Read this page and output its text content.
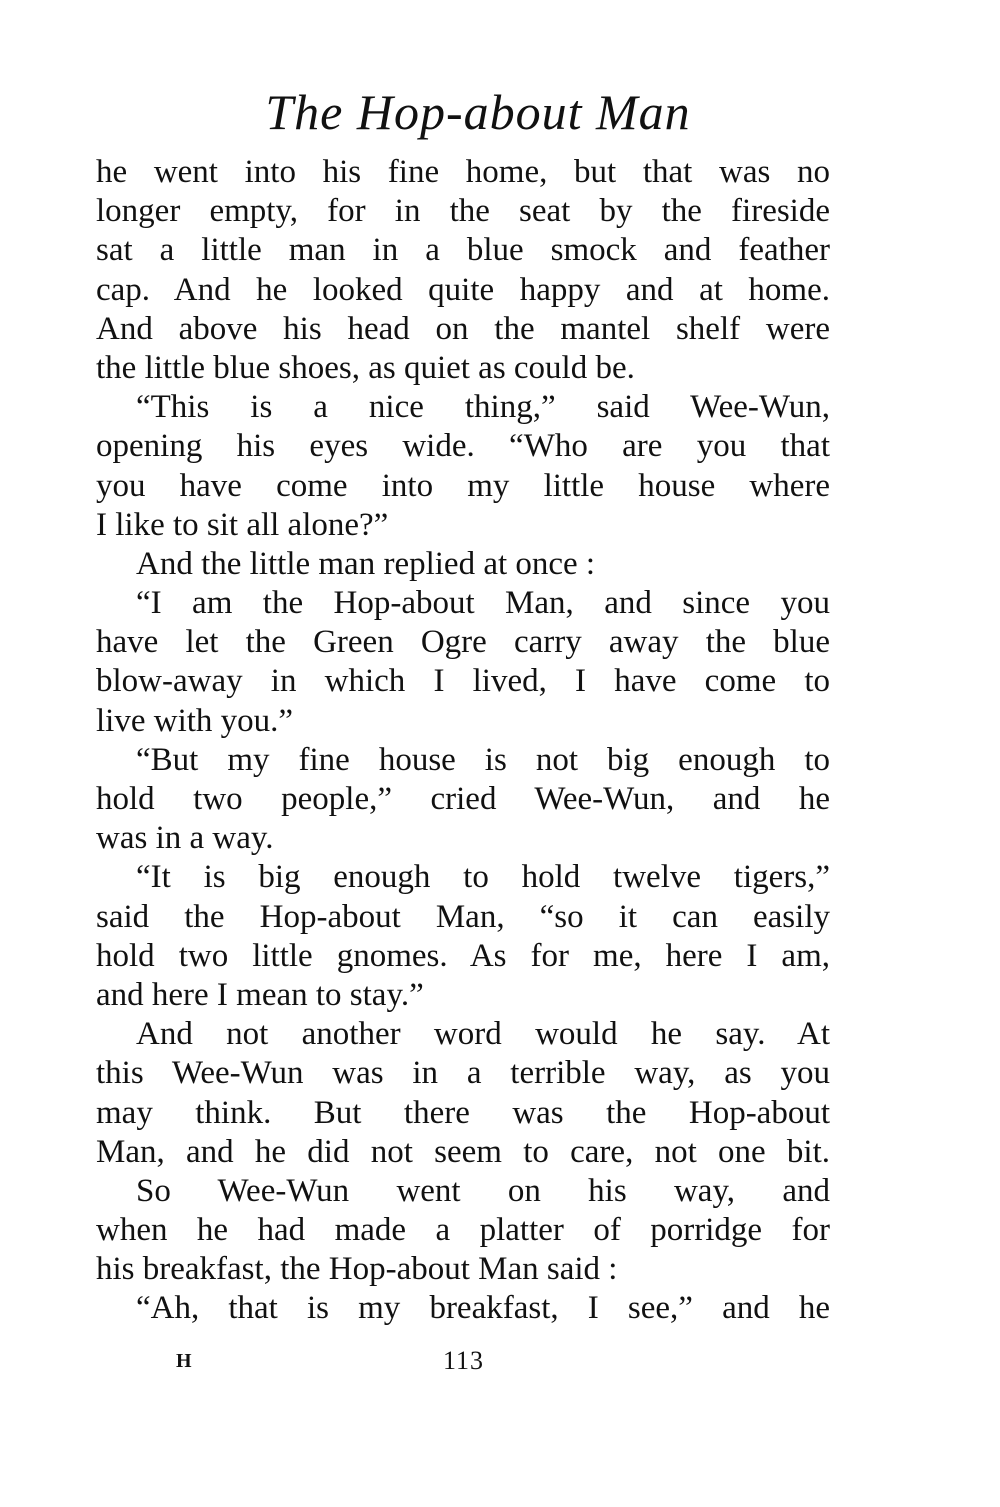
The Hop-about Man
he went into his fine home, but that was no
longer empty, for in the seat by the fireside
sat a little man in a blue smock and feather
cap. And he looked quite happy and at home.
And above his head on the mantel shelf were
the little blue shoes, as quiet as could be.
“This is a nice thing,” said Wee-Wun,
opening his eyes wide. “Who are you that
you have come into my little house where
I like to sit all alone?”
And the little man replied at once :
“I am the Hop-about Man, and since you
have let the Green Ogre carry away the blue
blow-away in which I lived, I have come to
live with you.”
“But my fine house is not big enough to
hold two people,” cried Wee-Wun, and he
was in a way.
“It is big enough to hold twelve tigers,”
said the Hop-about Man, “so it can easily
hold two little gnomes. As for me, here I am,
and here I mean to stay.”
And not another word would he say. At
this Wee-Wun was in a terrible way, as you
may think. But there was the Hop-about
Man, and he did not seem to care, not one bit.
So Wee-Wun went on his way, and
when he had made a platter of porridge for
his breakfast, the Hop-about Man said :
“Ah, that is my breakfast, I see,” and he
H	113
